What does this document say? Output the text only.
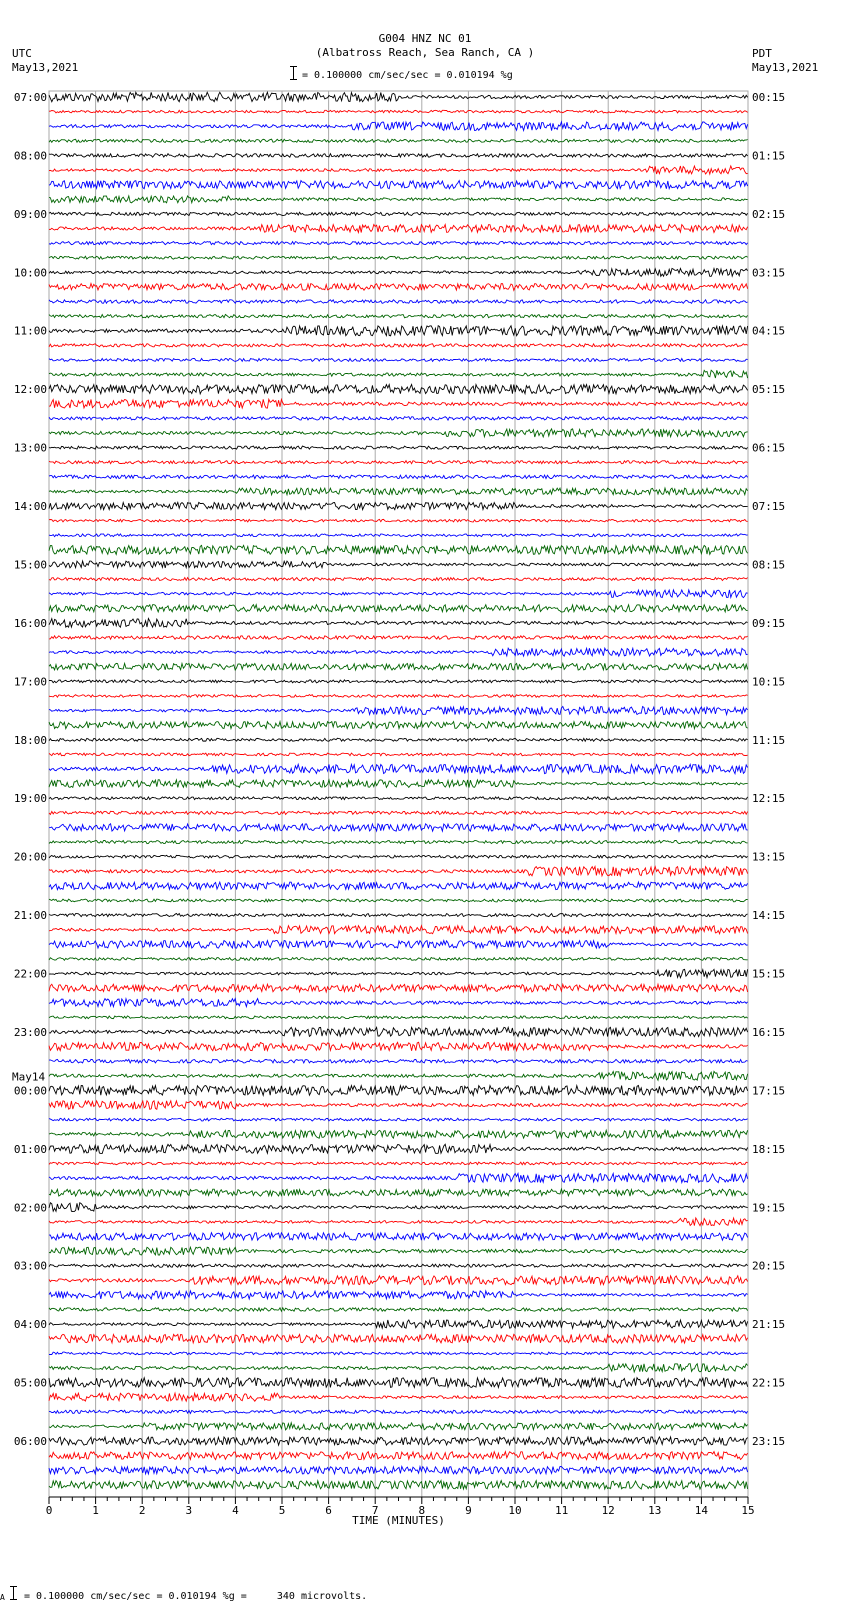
G004 HNZ NC 01
(Albatross Reach, Sea Ranch, CA )
UTC
May13,2021
PDT
May13,2021
= 0.100000 cm/sec/sec = 0.010194 %g
07:00	00:15
08:00	01:15
09:00	02:15
10:00	03:15
11:00	04:15
12:00	05:15
13:00	06:15
14:00	07:15
15:00	08:15
16:00	09:15
17:00	10:15
18:00	11:15
19:00	12:15
20:00	13:15
21:00	14:15
22:00	15:15
23:00	16:15
00:00
May14
17:15
01:00	18:15
02:00	19:15
03:00	20:15
04:00	21:15
05:00	22:15
06:00	23:15
0	1	2	3	4	5	6	7	8	9	10	11	12	13	14	15
TIME (MINUTES)
A = 0.100000 cm/sec/sec = 0.010194 %g =     340 microvolts.
